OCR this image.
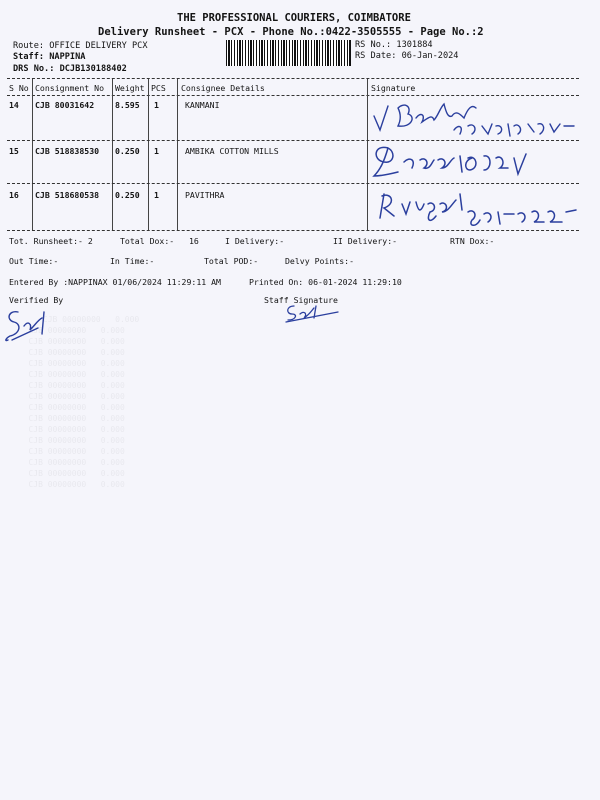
THE PROFESSIONAL COURIERS, COIMBATORE
Delivery Runsheet - PCX - Phone No.:0422-3505555 - Page No.:2
Route: OFFICE DELIVERY PCX
Staff: NAPPINA
DRS No.: DCJB130188402
RS No.: 1301884
RS Date: 06-Jan-2024
S No Consignment No Weight PCS Consignee Details	Signature
14 CJB 80031642	8.595 1	KANMANI
15 CJB 518838530 0.250 1	AMBIKA COTTON MILLS
16 CJB 518680538 0.250 1	PAVITHRA
Tot. Runsheet:- 2	Total Dox:- 16	I Delivery:-	II Delivery:-	RTN Dox:-
Out Time:-	In Time:-	Total POD:-	Delvy Points:-
Entered By :NAPPINAX 01/06/2024 11:29:11 AM	Printed On: 06-01-2024 11:29:10
Verified By	Staff Signature
CJB 00000000   0.000
CJB 00000000   0.000
CJB 00000000   0.000
CJB 00000000   0.000
CJB 00000000   0.000
CJB 00000000   0.000
CJB 00000000   0.000
CJB 00000000   0.000
CJB 00000000   0.000
CJB 00000000   0.000
CJB 00000000   0.000
CJB 00000000   0.000
CJB 00000000   0.000
CJB 00000000   0.000
CJB 00000000   0.000
CJB 00000000   0.000
